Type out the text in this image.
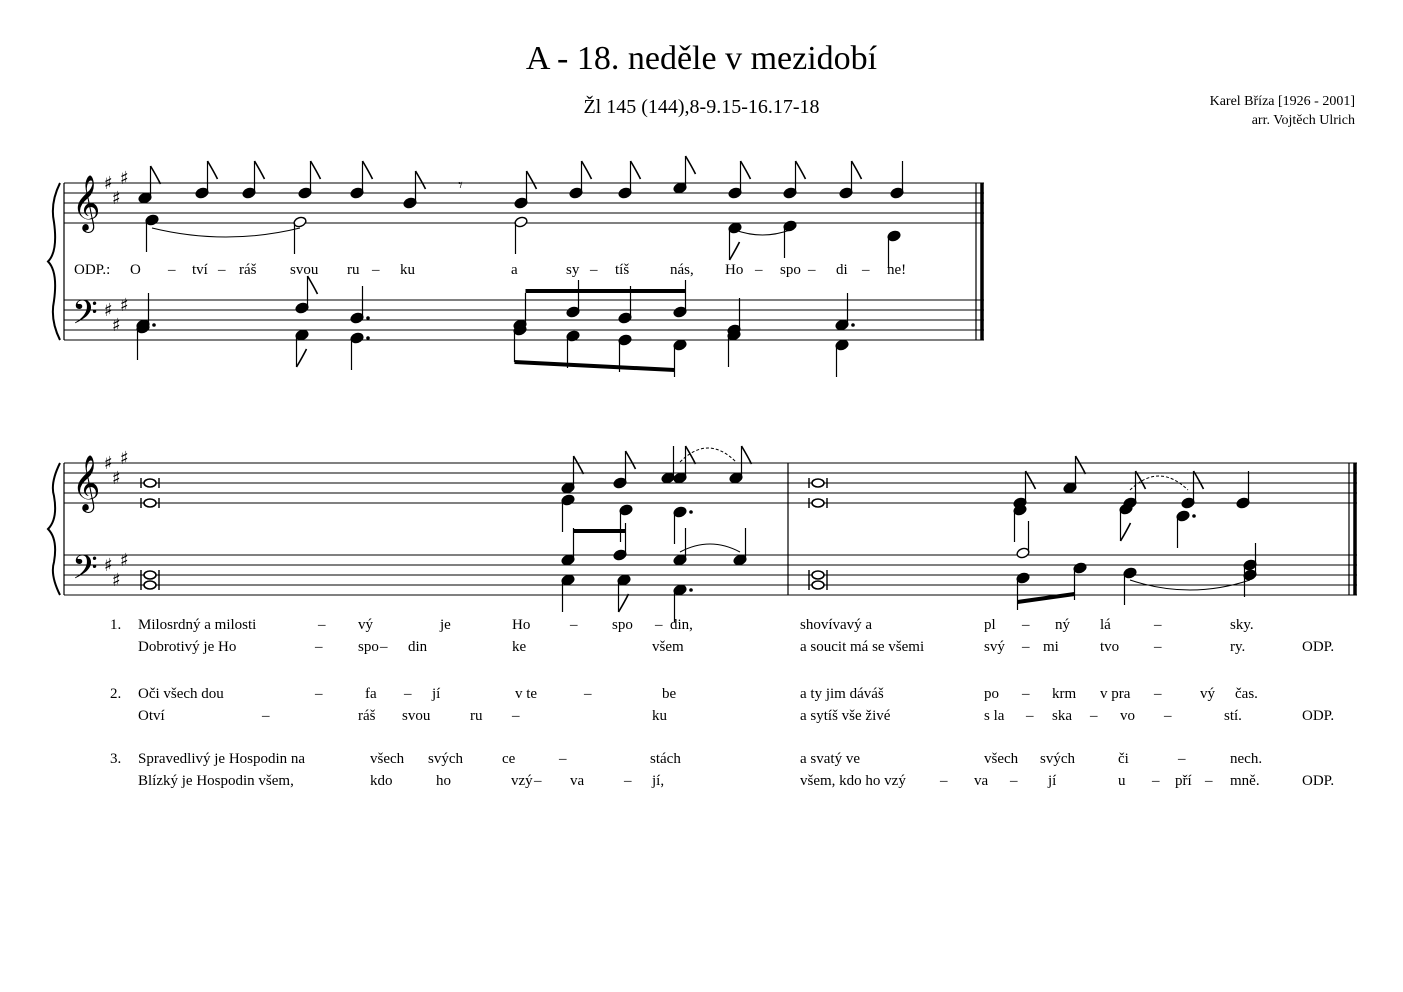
A - 18. neděle v mezidobí
Žl 145 (144),8-9.15-16.17-18	Karel Bříza [1926 - 2001]
arr. Vojtěch Ulrich
𝄞
𝄢
♯
♯
♯
♯
♯
♯
𝄾
𝄞
𝄢
♯
♯
♯
♯
♯
♯
ODP.: O – tví – ráš svou ru – ku	a	sy – tíš	nás, Ho – spo – di – ne!
1. Milosrdný a milosti	– vý	je	Ho	– spo – din,	shovívavý a	pl – ný lá	–	sky.
Dobrotivý je Ho	– spo – din	ke	všem	a soucit má se všemi	svý – mi	tvo –	ry.	ODP.
2. Oči všech dou	–	fa – jí	v te	–	be	a ty jim dáváš	po – krm v pra –	vý čas.
Otví	–	ráš svou	ru –	ku	a sytíš vše živé	s la – ska – vo –	stí.	ODP.
3. Spravedlivý je Hospodin na	všech svých	ce	–	stách	a svatý ve	všech svých	či	–	nech.
Blízký je Hospodin všem,	kdo	ho	vzý – va	– jí,	všem, kdo ho vzý – va – jí	u – pří – mně.	ODP.
